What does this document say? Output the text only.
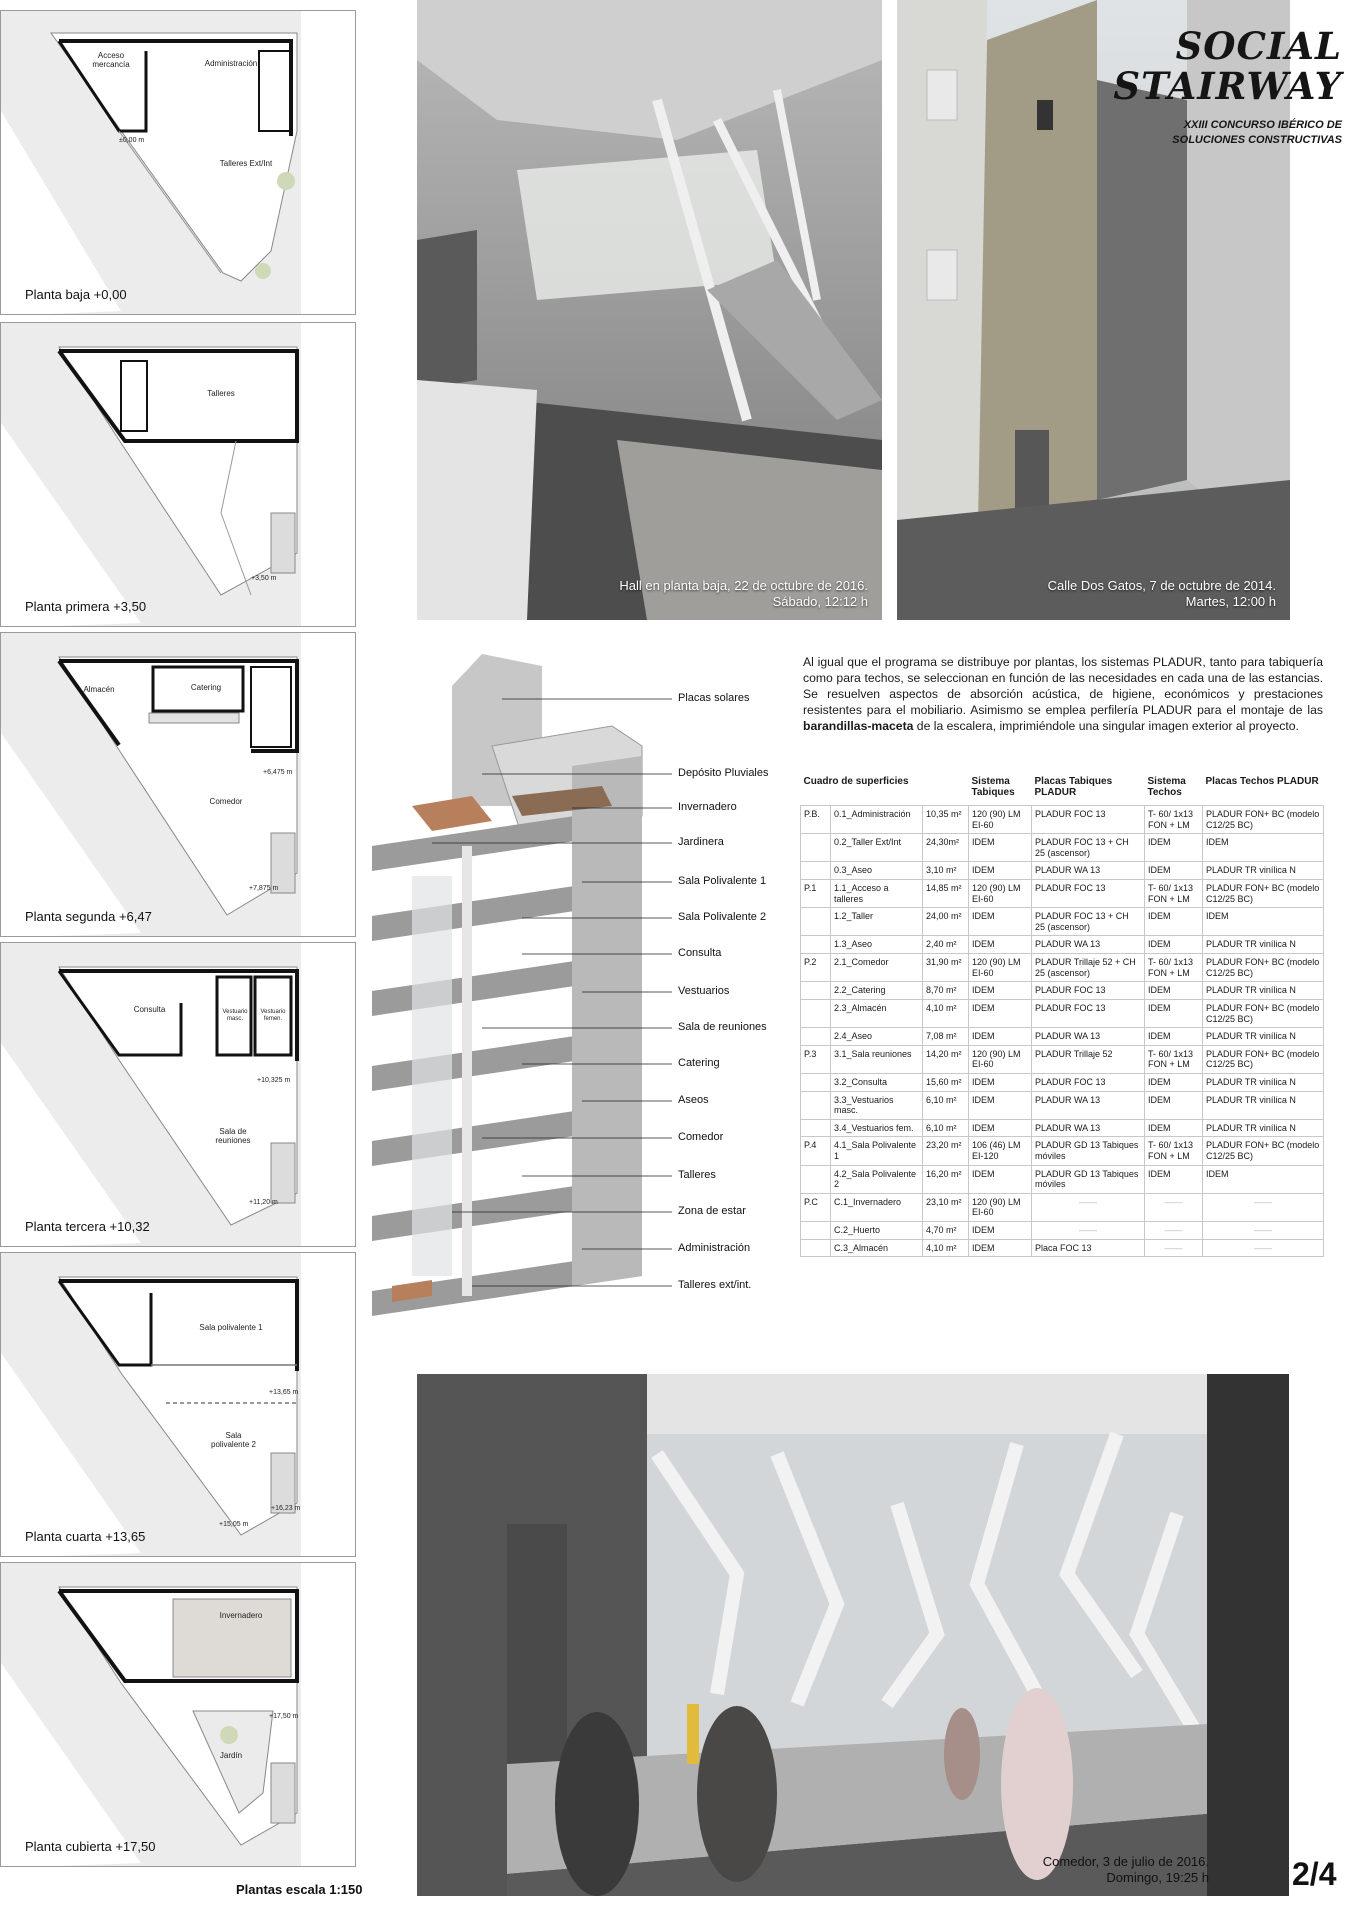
Acceso mercancía	Administración
Talleres Ext/Int
±0,00 m
Planta baja +0,00
Talleres
+3,50 m
Planta primera +3,50
Almacén	Catering
Comedor
+6,475 m
+7,875 m
Planta segunda +6,47
Consulta	Vestuario masc.
Vestuario femen.
Sala de reuniones
+10,325 m
+11,20 m
Planta tercera +10,32
Sala polivalente 1
Sala polivalente 2
+13,65 m
+16,23 m
+15,05 m
Planta cuarta +13,65
Invernadero
Jardín
+17,50 m
Planta cubierta +17,50
Plantas escala 1:150
Hall en planta baja, 22 de octubre de 2016.
Sábado, 12:12 h
Calle Dos Gatos, 7 de octubre de 2014.
Martes, 12:00 h
SOCIAL
STAIRWAY
XXIII CONCURSO IBÉRICO DE
SOLUCIONES CONSTRUCTIVAS
Placas solares
Depósito Pluviales
Invernadero
Jardinera
Sala Polivalente 1
Sala Polivalente 2
Consulta
Vestuarios
Sala de reuniones
Catering
Aseos
Comedor
Talleres
Zona de estar
Administración
Talleres ext/int.
Al igual que el programa se distribuye por plantas, los sistemas PLADUR, tanto para tabiquería como para techos, se seleccionan en función de las necesidades en cada una de las estancias. Se resuelven aspectos de absorción acústica, de higiene, económicos y prestaciones resistentes para el mobiliario. Asimismo se emplea perfilería PLADUR para el montaje de las barandillas-maceta de la escalera, imprimiéndole una singular imagen exterior al proyecto.
Cuadro de superficies			Sistema Tabiques	Placas Tabiques PLADUR	Sistema Techos	Placas Techos PLADUR
P.B.	0.1_Administración	10,35 m²	120 (90) LM EI-60	PLADUR FOC 13	T- 60/ 1x13 FON + LM	PLADUR FON+ BC (modelo C12/25 BC)
	0.2_Taller Ext/Int	24,30m²	IDEM	PLADUR FOC 13 + CH 25 (ascensor)	IDEM	IDEM
	0.3_Aseo	3,10 m²	IDEM	PLADUR WA 13	IDEM	PLADUR TR vinílica N
P.1	1.1_Acceso a talleres	14,85 m²	120 (90) LM EI-60	PLADUR FOC 13	T- 60/ 1x13 FON + LM	PLADUR FON+ BC (modelo C12/25 BC)
	1.2_Taller	24,00 m²	IDEM	PLADUR FOC 13 + CH 25 (ascensor)	IDEM	IDEM
	1.3_Aseo	2,40 m²	IDEM	PLADUR WA 13	IDEM	PLADUR TR vinílica N
P.2	2.1_Comedor	31,90 m²	120 (90) LM EI-60	PLADUR Trillaje 52 + CH 25 (ascensor)	T- 60/ 1x13 FON + LM	PLADUR FON+ BC (modelo C12/25 BC)
	2.2_Catering	8,70 m²	IDEM	PLADUR FOC 13	IDEM	PLADUR TR vinílica N
	2.3_Almacén	4,10 m²	IDEM	PLADUR FOC 13	IDEM	PLADUR FON+ BC (modelo C12/25 BC)
	2.4_Aseo	7,08 m²	IDEM	PLADUR WA 13	IDEM	PLADUR TR vinílica N
P.3	3.1_Sala reuniones	14,20 m²	120 (90) LM EI-60	PLADUR Trillaje 52	T- 60/ 1x13 FON + LM	PLADUR FON+ BC (modelo C12/25 BC)
	3.2_Consulta	15,60 m²	IDEM	PLADUR FOC 13	IDEM	PLADUR TR vinílica N
	3.3_Vestuarios masc.	6,10 m²	IDEM	PLADUR WA 13	IDEM	PLADUR TR vinílica N
	3.4_Vestuarios fem.	6,10 m²	IDEM	PLADUR WA 13	IDEM	PLADUR TR vinílica N
P.4	4.1_Sala Polivalente 1	23,20 m²	106 (46) LM EI-120	PLADUR GD 13 Tabiques móviles	T- 60/ 1x13 FON + LM	PLADUR FON+ BC (modelo C12/25 BC)
	4.2_Sala Polivalente 2	16,20 m²	IDEM	PLADUR GD 13 Tabiques móviles	IDEM	IDEM
P.C	C.1_Invernadero	23,10 m²	120 (90) LM EI-60	——	——	——
	C.2_Huerto	4,70 m²	IDEM	——	——	——
	C.3_Almacén	4,10 m²	IDEM	Placa FOC 13	——	——
Comedor, 3 de julio de 2016.
Domingo, 19:25 h	2/4
